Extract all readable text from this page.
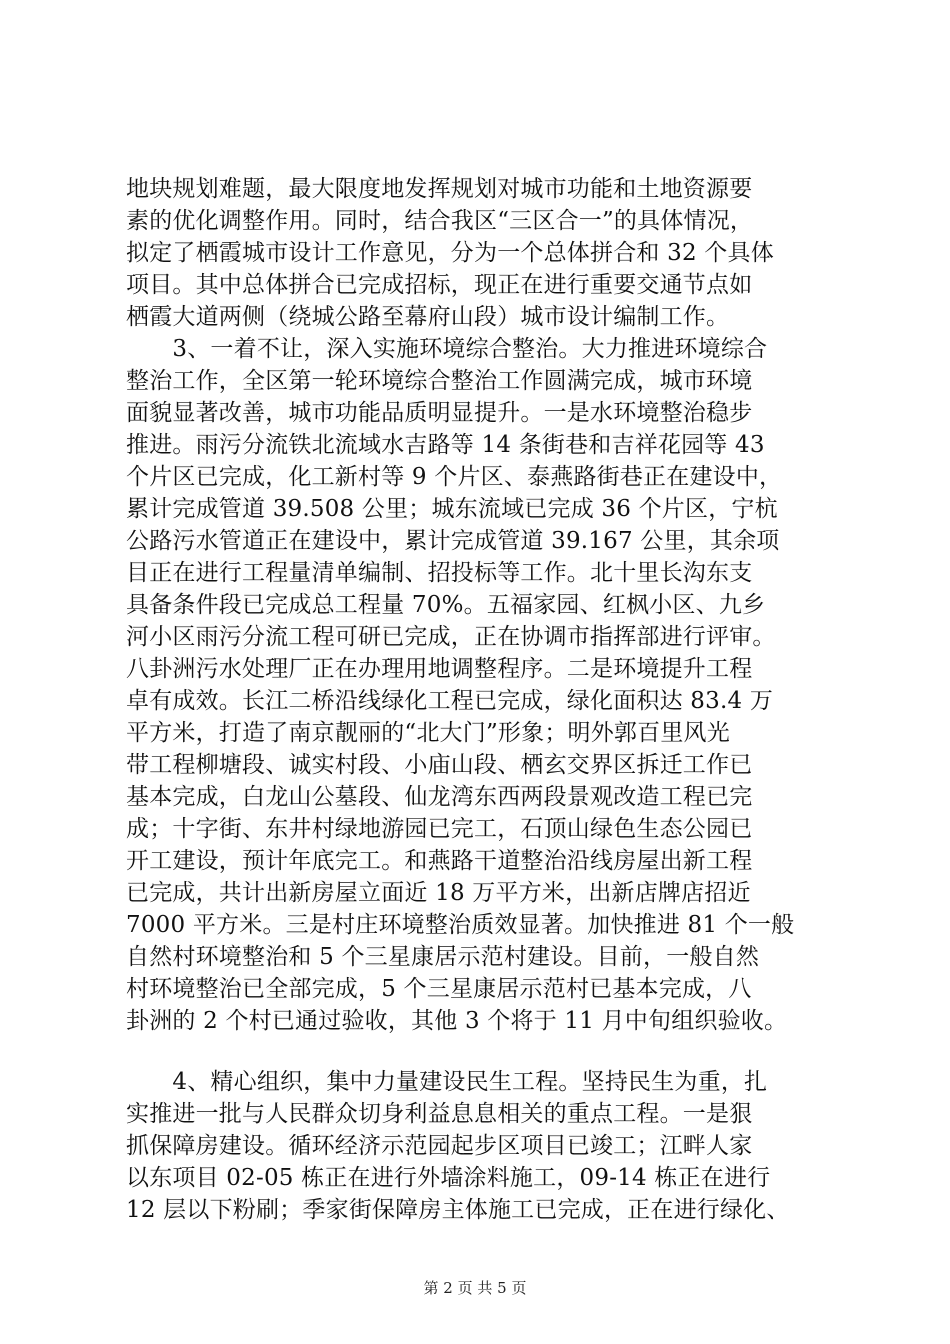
地块规划难题，最大限度地发挥规划对城市功能和土地资源要
素的优化调整作用。同时，结合我区“三区合一”的具体情况，
拟定了栖霞城市设计工作意见，分为一个总体拼合和 32 个具体
项目。其中总体拼合已完成招标，现正在进行重要交通节点如
栖霞大道两侧（绕城公路至幕府山段）城市设计编制工作。
　　3、一着不让，深入实施环境综合整治。大力推进环境综合
整治工作，全区第一轮环境综合整治工作圆满完成，城市环境
面貌显著改善，城市功能品质明显提升。一是水环境整治稳步
推进。雨污分流铁北流域水吉路等 14 条街巷和吉祥花园等 43
个片区已完成，化工新村等 9 个片区、泰燕路街巷正在建设中，
累计完成管道 39.508 公里；城东流域已完成 36 个片区，宁杭
公路污水管道正在建设中，累计完成管道 39.167 公里，其余项
目正在进行工程量清单编制、招投标等工作。北十里长沟东支
具备条件段已完成总工程量 70%。五福家园、红枫小区、九乡
河小区雨污分流工程可研已完成，正在协调市指挥部进行评审。
八卦洲污水处理厂正在办理用地调整程序。二是环境提升工程
卓有成效。长江二桥沿线绿化工程已完成，绿化面积达 83.4 万
平方米，打造了南京靓丽的“北大门”形象；明外郭百里风光
带工程柳塘段、诚实村段、小庙山段、栖玄交界区拆迁工作已
基本完成，白龙山公墓段、仙龙湾东西两段景观改造工程已完
成；十字街、东井村绿地游园已完工，石顶山绿色生态公园已
开工建设，预计年底完工。和燕路干道整治沿线房屋出新工程
已完成，共计出新房屋立面近 18 万平方米，出新店牌店招近
7000 平方米。三是村庄环境整治质效显著。加快推进 81 个一般
自然村环境整治和 5 个三星康居示范村建设。目前，一般自然
村环境整治已全部完成，5 个三星康居示范村已基本完成，八
卦洲的 2 个村已通过验收，其他 3 个将于 11 月中旬组织验收。
　　4、精心组织，集中力量建设民生工程。坚持民生为重，扎
实推进一批与人民群众切身利益息息相关的重点工程。一是狠
抓保障房建设。循环经济示范园起步区项目已竣工；江畔人家
以东项目 02-05 栋正在进行外墙涂料施工，09-14 栋正在进行
12 层以下粉刷；季家街保障房主体施工已完成，正在进行绿化、
第 2 页 共 5 页
